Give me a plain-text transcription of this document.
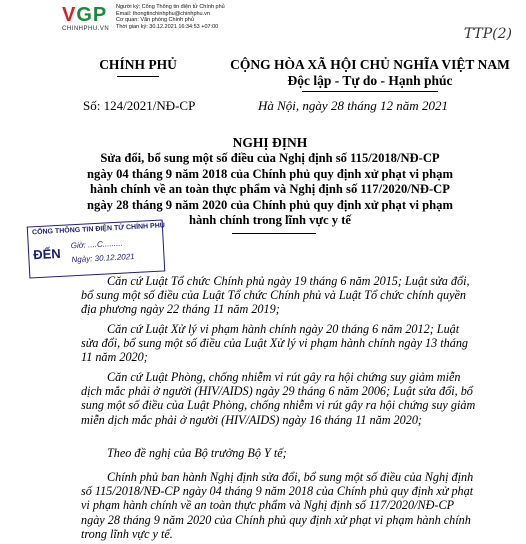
VGP
CHINHPHU.VN
Người ký: Cổng Thông tin điện tử Chính phủ
Email: thongtinchinhphu@chinhphu.vn
Cơ quan: Văn phòng Chính phủ
Thời gian ký: 30.12.2021 16:34:53 +07:00	TTP(2)
CHÍNH PHỦ	CỘNG HÒA XÃ HỘI CHỦ NGHĨA VIỆT NAM
Độc lập - Tự do - Hạnh phúc
Số: 124/2021/NĐ-CP	Hà Nội, ngày 28 tháng 12 năm 2021
NGHỊ ĐỊNH
Sửa đổi, bổ sung một số điều của Nghị định số 115/2018/NĐ-CP
ngày 04 tháng 9 năm 2018 của Chính phủ quy định xử phạt vi phạm
hành chính về an toàn thực phẩm và Nghị định số 117/2020/NĐ-CP
ngày 28 tháng 9 năm 2020 của Chính phủ quy định xử phạt vi phạm
hành chính trong lĩnh vực y tế
CỔNG THÔNG TIN ĐIỆN TỬ CHÍNH PHỦ
ĐẾN
Giờ: ....C.........
Ngày: 30.12.2021

Căn cứ Luật Tổ chức Chính phủ ngày 19 tháng 6 năm 2015; Luật sửa đổi, bổ sung một số điều của Luật Tổ chức Chính phủ và Luật Tổ chức chính quyền địa phương ngày 22 tháng 11 năm 2019;

Căn cứ Luật Xử lý vi phạm hành chính ngày 20 tháng 6 năm 2012; Luật sửa đổi, bổ sung một số điều của Luật Xử lý vi phạm hành chính ngày 13 tháng 11 năm 2020;

Căn cứ Luật Phòng, chống nhiễm vi rút gây ra hội chứng suy giảm miễn dịch mắc phải ở người (HIV/AIDS) ngày 29 tháng 6 năm 2006; Luật sửa đổi, bổ sung một số điều của Luật Phòng, chống nhiễm vi rút gây ra hội chứng suy giảm miễn dịch mắc phải ở người (HIV/AIDS) ngày 16 tháng 11 năm 2020;

Theo đề nghị của Bộ trưởng Bộ Y tế;

Chính phủ ban hành Nghị định sửa đổi, bổ sung một số điều của Nghị định số 115/2018/NĐ-CP ngày 04 tháng 9 năm 2018 của Chính phủ quy định xử phạt vi phạm hành chính về an toàn thực phẩm và Nghị định số 117/2020/NĐ-CP ngày 28 tháng 9 năm 2020 của Chính phủ quy định xử phạt vi phạm hành chính trong lĩnh vực y tế.
